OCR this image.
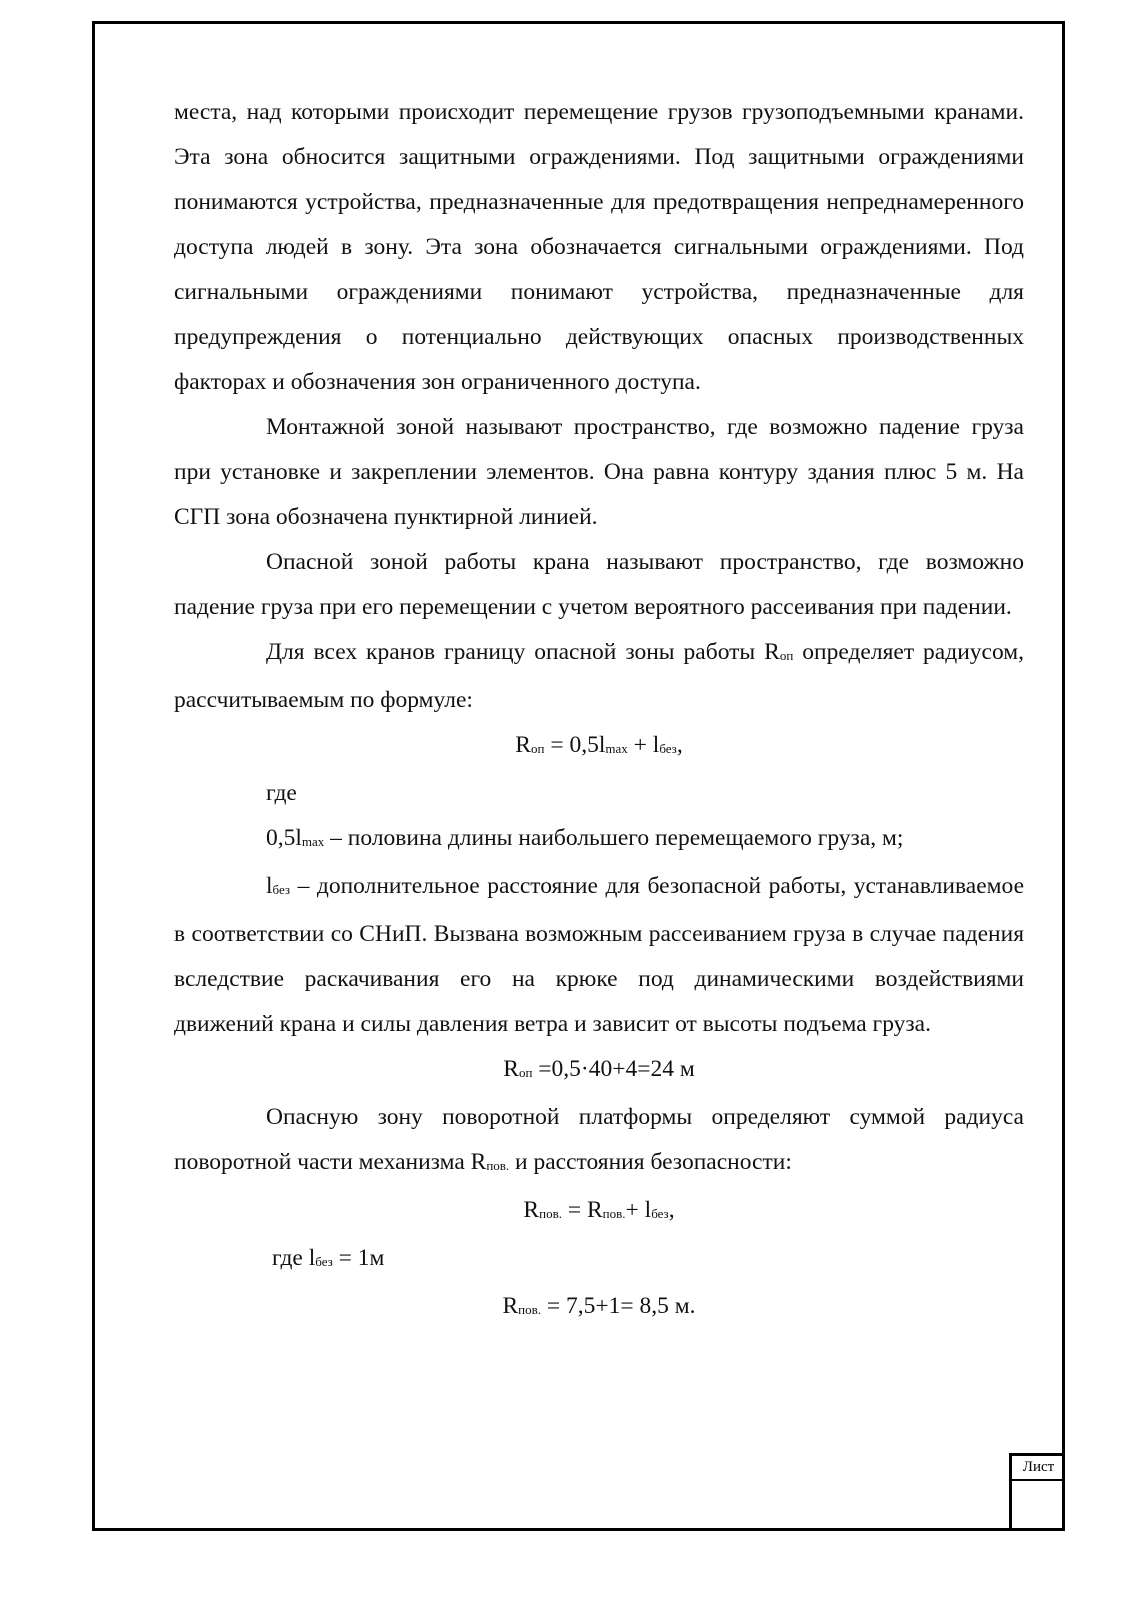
Лист

места, над которыми происходит перемещение грузов грузоподъемными кранами. Эта зона обносится защитными ограждениями. Под защитными ограждениями понимаются устройства, предназначенные для предотвращения непреднамеренного доступа людей в зону. Эта зона обозначается сигнальными ограждениями. Под сигнальными ограждениями понимают устройства, предназначенные для предупреждения о потенциально действующих опасных производственных факторах и обозначения зон ограниченного доступа.

Монтажной зоной называют пространство, где возможно падение груза при установке и закреплении элементов. Она равна контуру здания плюс 5 м. На СГП зона обозначена пунктирной линией.

Опасной зоной работы крана называют пространство, где возможно падение груза при его перемещении с учетом вероятного рассеивания при падении.

Для всех кранов границу опасной зоны работы Rоп определяет радиусом, рассчитываемым по формуле:

Rоп = 0,5lmax + lбез,

где

0,5lmax – половина длины наибольшего перемещаемого груза, м;

lбез – дополнительное расстояние для безопасной работы, устанавливаемое в соответствии со СНиП. Вызвана возможным рассеиванием груза в случае падения вследствие раскачивания его на крюке под динамическими воздействиями движений крана и силы давления ветра и зависит от высоты подъема груза.

Rоп =0,5·40+4=24 м

Опасную зону поворотной платформы определяют суммой радиуса поворотной части механизма Rпов. и расстояния безопасности:

Rпов. = Rпов.+ lбез,

где lбез = 1м

Rпов. = 7,5+1= 8,5 м.
